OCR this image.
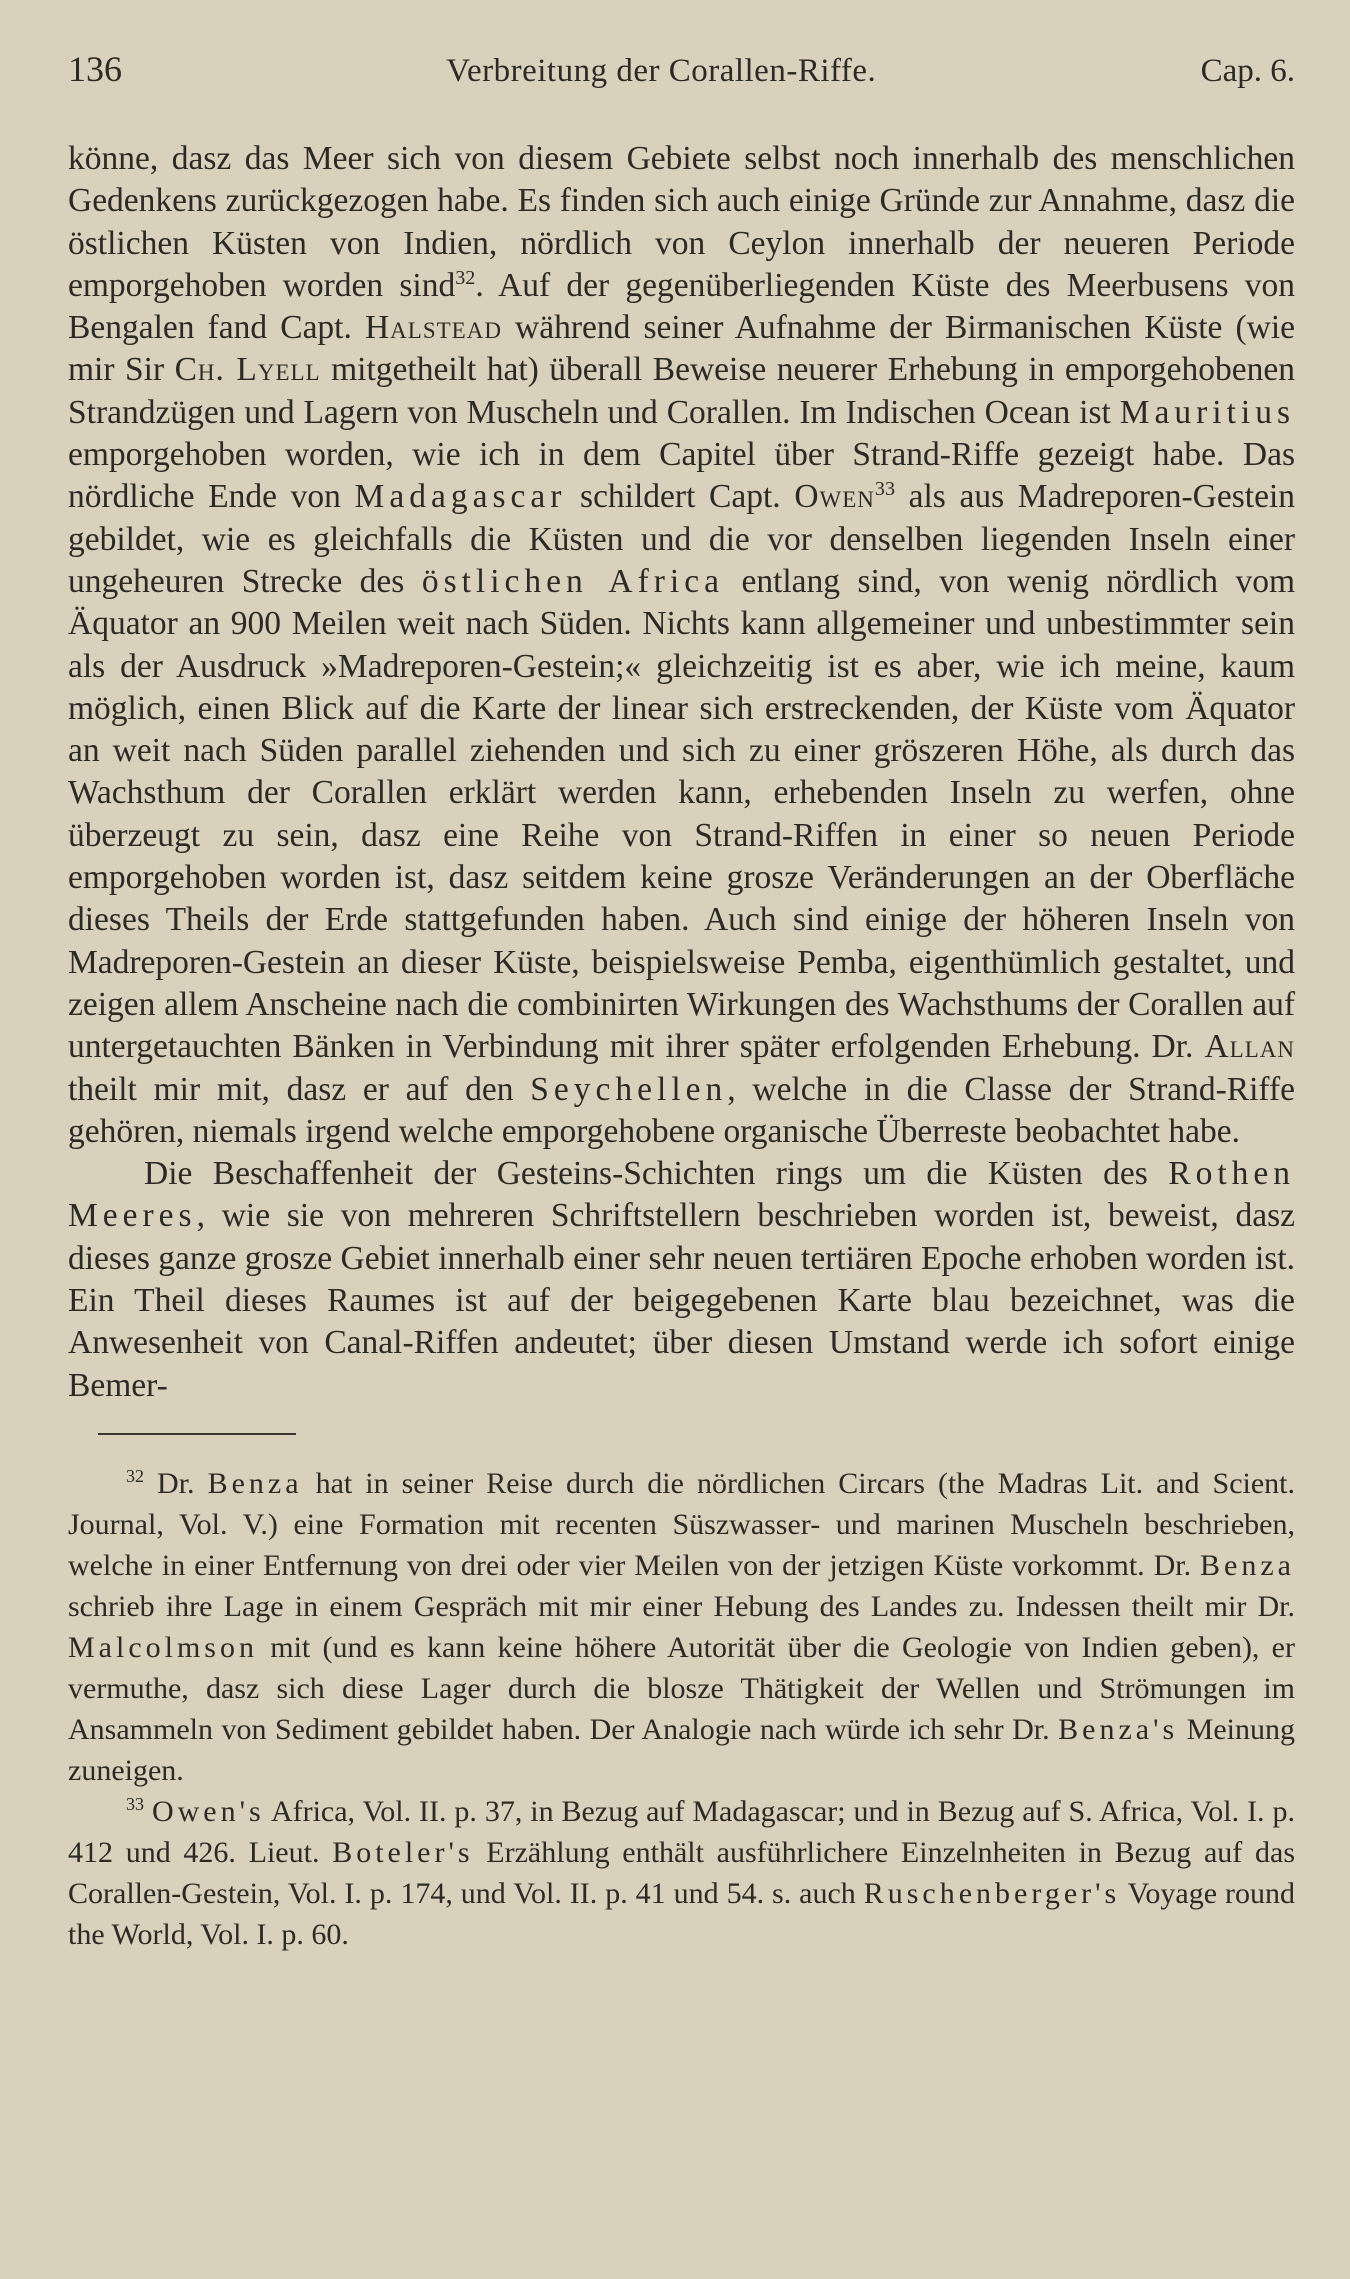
136	Verbreitung der Corallen-Riffe.	Cap. 6.

könne, dasz das Meer sich von diesem Gebiete selbst noch innerhalb des menschlichen Gedenkens zurückgezogen habe. Es finden sich auch einige Gründe zur Annahme, dasz die östlichen Küsten von Indien, nördlich von Ceylon innerhalb der neueren Periode emporgehoben worden sind$^{32}$. Auf der gegenüberliegenden Küste des Meerbusens von Bengalen fand Capt. Halstead während seiner Aufnahme der Birmanischen Küste (wie mir Sir Ch. Lyell mitgetheilt hat) überall Beweise neuerer Erhebung in emporgehobenen Strandzügen und Lagern von Muscheln und Corallen. Im Indischen Ocean ist Mauritius emporgehoben worden, wie ich in dem Capitel über Strand-Riffe gezeigt habe. Das nördliche Ende von Madagascar schildert Capt. Owen$^{33}$ als aus Madreporen-Gestein gebildet, wie es gleichfalls die Küsten und die vor denselben liegenden Inseln einer ungeheuren Strecke des östlichen Africa entlang sind, von wenig nördlich vom Äquator an 900 Meilen weit nach Süden. Nichts kann allgemeiner und unbestimmter sein als der Ausdruck »Madreporen-Gestein;« gleichzeitig ist es aber, wie ich meine, kaum möglich, einen Blick auf die Karte der linear sich erstreckenden, der Küste vom Äquator an weit nach Süden parallel ziehenden und sich zu einer gröszeren Höhe, als durch das Wachsthum der Corallen erklärt werden kann, erhebenden Inseln zu werfen, ohne überzeugt zu sein, dasz eine Reihe von Strand-Riffen in einer so neuen Periode emporgehoben worden ist, dasz seitdem keine grosze Veränderungen an der Oberfläche dieses Theils der Erde stattgefunden haben. Auch sind einige der höheren Inseln von Madreporen-Gestein an dieser Küste, beispielsweise Pemba, eigenthümlich gestaltet, und zeigen allem Anscheine nach die combinirten Wirkungen des Wachsthums der Corallen auf untergetauchten Bänken in Verbindung mit ihrer später erfolgenden Erhebung. Dr. Allan theilt mir mit, dasz er auf den Seychellen, welche in die Classe der Strand-Riffe gehören, niemals irgend welche emporgehobene organische Überreste beobachtet habe.

Die Beschaffenheit der Gesteins-Schichten rings um die Küsten des Rothen Meeres, wie sie von mehreren Schriftstellern beschrieben worden ist, beweist, dasz dieses ganze grosze Gebiet innerhalb einer sehr neuen tertiären Epoche erhoben worden ist. Ein Theil dieses Raumes ist auf der beigegebenen Karte blau bezeichnet, was die Anwesenheit von Canal-Riffen andeutet; über diesen Umstand werde ich sofort einige Bemer-

$^{32}$ Dr. Benza hat in seiner Reise durch die nördlichen Circars (the Madras Lit. and Scient. Journal, Vol. V.) eine Formation mit recenten Süszwasser- und marinen Muscheln beschrieben, welche in einer Entfernung von drei oder vier Meilen von der jetzigen Küste vorkommt. Dr. Benza schrieb ihre Lage in einem Gespräch mit mir einer Hebung des Landes zu. Indessen theilt mir Dr. Malcolmson mit (und es kann keine höhere Autorität über die Geologie von Indien geben), er vermuthe, dasz sich diese Lager durch die blosze Thätigkeit der Wellen und Strömungen im Ansammeln von Sediment gebildet haben. Der Analogie nach würde ich sehr Dr. Benza's Meinung zuneigen.

$^{33}$ Owen's Africa, Vol. II. p. 37, in Bezug auf Madagascar; und in Bezug auf S. Africa, Vol. I. p. 412 und 426. Lieut. Boteler's Erzählung enthält ausführlichere Einzelnheiten in Bezug auf das Corallen-Gestein, Vol. I. p. 174, und Vol. II. p. 41 und 54. s. auch Ruschenberger's Voyage round the World, Vol. I. p. 60.
